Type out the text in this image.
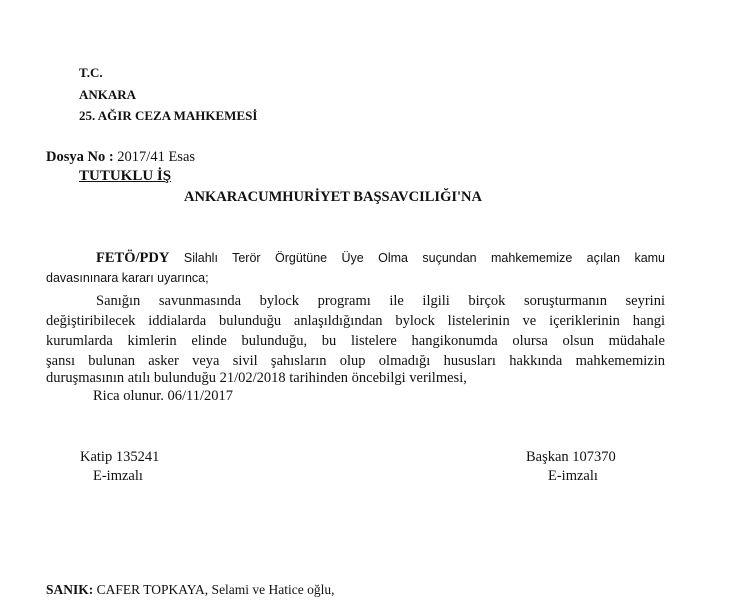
T.C.
ANKARA
25. AĞIR CEZA MAHKEMESİ
Dosya No : 2017/41 Esas
TUTUKLU İŞ
ANKARACUMHURİYET BAŞSAVCILIĞI'NA
FETÖ/PDY Silahlı Terör Örgütüne Üye Olma suçundan mahkememize açılan kamu
davasınınara kararı uyarınca;
Sanığın savunmasında bylock programı ile ilgili birçok soruşturmanın seyrini
değiştiribilecek iddialarda bulunduğu anlaşıldığından bylock listelerinin ve içeriklerinin hangi
kurumlarda kimlerin elinde bulunduğu, bu listelere hangikonumda olursa olsun müdahale
şansı bulunan asker veya sivil şahısların olup olmadığı hususları hakkında mahkememizin
duruşmasının atılı bulunduğu 21/02/2018 tarihinden öncebilgi verilmesi,
Rica olunur. 06/11/2017
Katip 135241
E-imzalı
Başkan 107370
E-imzalı
SANIK: CAFER TOPKAYA, Selami ve Hatice oğlu,
